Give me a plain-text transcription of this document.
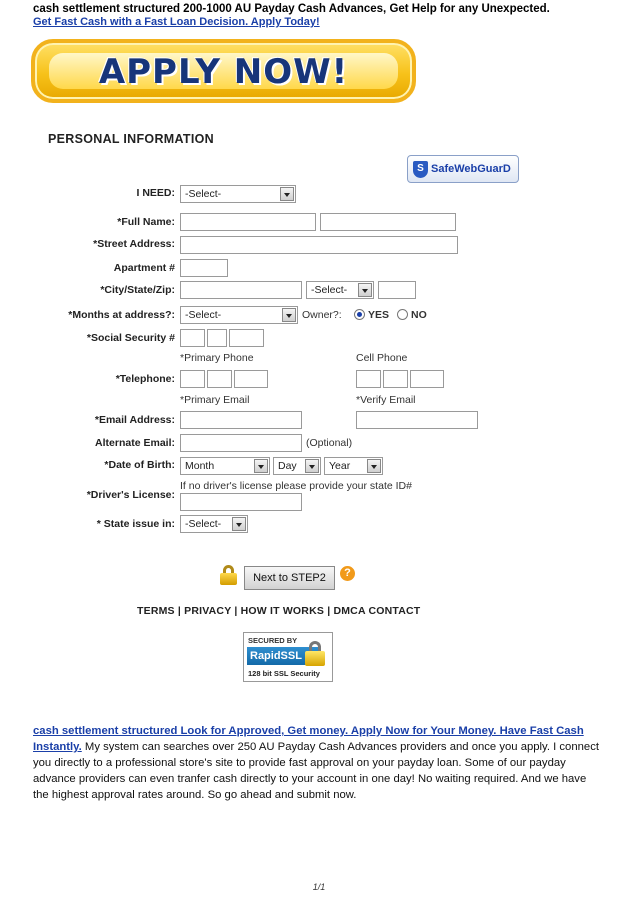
cash settlement structured 200-1000 AU Payday Cash Advances, Get Help for any Unexpected.
Get Fast Cash with a Fast Loan Decision. Apply Today!
APPLY NOW!
PERSONAL INFORMATION
S SafeWebGuarD
I NEED: -Select-
*Full Name:
*Street Address:
Apartment #
*City/State/Zip:	-Select-
*Months at address?: -Select-	Owner?:	YES NO
*Social Security #
*Primary Phone	Cell Phone
*Telephone:
*Primary Email	*Verify Email
*Email Address:
Alternate Email:	(Optional)
*Date of Birth: Month	Day	Year
If no driver's license please provide your state ID#
*Driver's License:
* State issue in: -Select-
Next to STEP2	?
TERMS | PRIVACY | HOW IT WORKS | DMCA CONTACT
SECURED BY
RapidSSL
128 bit SSL Security
cash settlement structured Look for Approved, Get money. Apply Now for Your Money. Have Fast Cash Instantly. My system can searches over 250 AU Payday Cash Advances providers and once you apply. I connect you directly to a professional store's site to provide fast approval on your payday loan. Some of our payday advance providers can even tranfer cash directly to your account in one day! No waiting required. And we have the highest approval rates around. So go ahead and submit now.
1/1
